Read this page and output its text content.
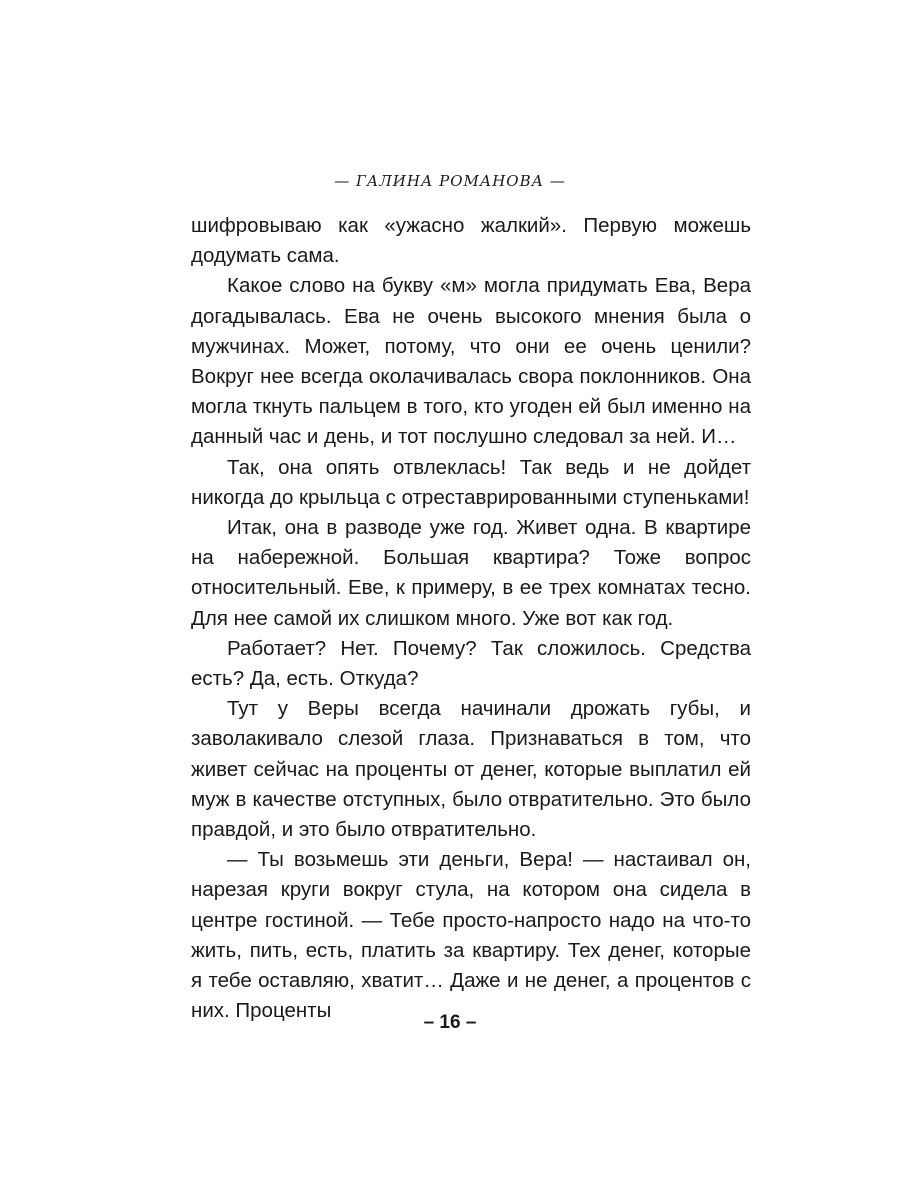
— ГАЛИНА РОМАНОВА —

шифровываю как «ужасно жалкий». Первую можешь додумать сама.

Какое слово на букву «м» могла придумать Ева, Вера догадывалась. Ева не очень высокого мнения была о мужчинах. Может, потому, что они ее очень ценили? Вокруг нее всегда околачивалась свора поклонников. Она могла ткнуть пальцем в того, кто угоден ей был именно на данный час и день, и тот послушно следовал за ней. И…

Так, она опять отвлеклась! Так ведь и не дойдет никогда до крыльца с отреставрированными ступеньками!

Итак, она в разводе уже год. Живет одна. В квартире на набережной. Большая квартира? Тоже вопрос относительный. Еве, к примеру, в ее трех комнатах тесно. Для нее самой их слишком много. Уже вот как год.

Работает? Нет. Почему? Так сложилось. Средства есть? Да, есть. Откуда?

Тут у Веры всегда начинали дрожать губы, и заволакивало слезой глаза. Признаваться в том, что живет сейчас на проценты от денег, которые выплатил ей муж в качестве отступных, было отвратительно. Это было правдой, и это было отвратительно.

— Ты возьмешь эти деньги, Вера! — настаивал он, нарезая круги вокруг стула, на котором она сидела в центре гостиной. — Тебе просто-напросто надо на что-то жить, пить, есть, платить за квартиру. Тех денег, которые я тебе оставляю, хватит… Даже и не денег, а процентов с них. Проценты

– 16 –
